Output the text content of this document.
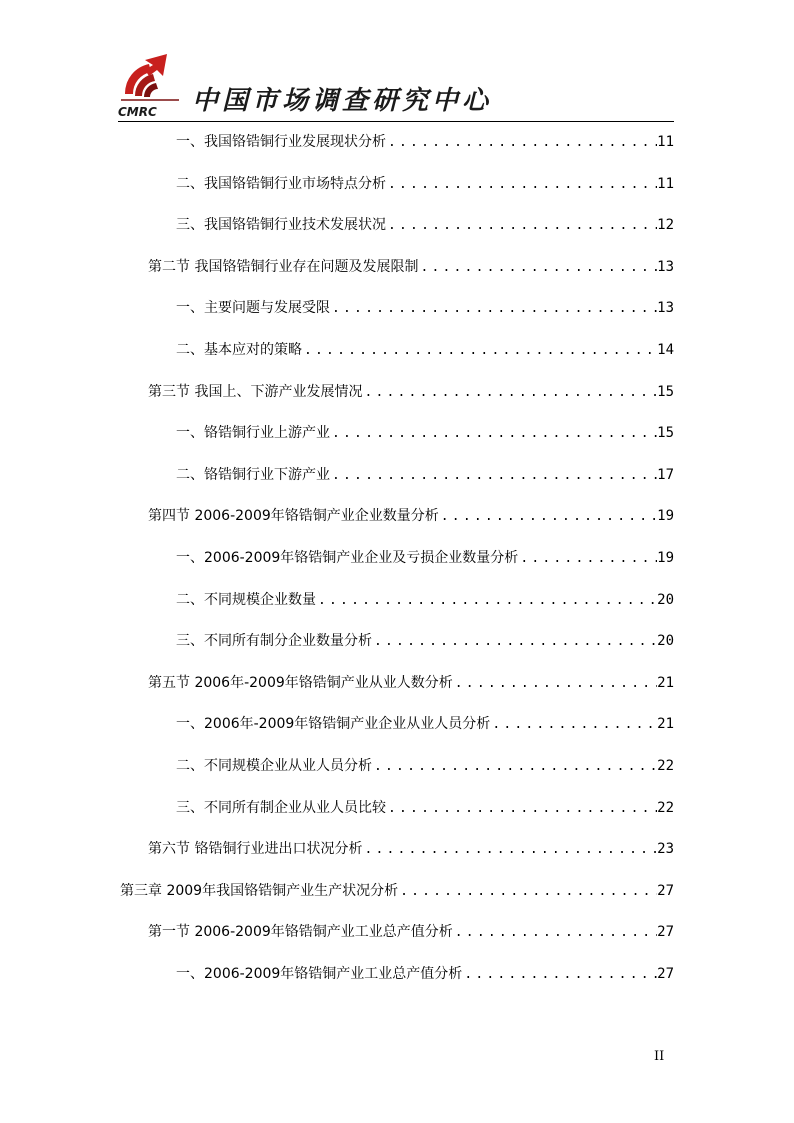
CMRC 中国市场调查研究中心
一、我国铬锆铜行业发展现状分析 .....	11
二、我国铬锆铜行业市场特点分析 .....	11
三、我国铬锆铜行业技术发展状况 .....	12
第二节 我国铬锆铜行业存在问题及发展限制 .....	13
一、主要问题与发展受限 .....	13
二、基本应对的策略 .....	14
第三节 我国上、下游产业发展情况 .....	15
一、铬锆铜行业上游产业 .....	15
二、铬锆铜行业下游产业 .....	17
第四节 2006-2009年铬锆铜产业企业数量分析 .....	19
一、2006-2009年铬锆铜产业企业及亏损企业数量分析 .....	19
二、不同规模企业数量 .....	20
三、不同所有制分企业数量分析 .....	20
第五节 2006年-2009年铬锆铜产业从业人数分析 .....	21
一、2006年-2009年铬锆铜产业企业从业人员分析 .....	21
二、不同规模企业从业人员分析 .....	22
三、不同所有制企业从业人员比较 .....	22
第六节 铬锆铜行业进出口状况分析 .....	23
第三章 2009年我国铬锆铜产业生产状况分析 .....	27
第一节 2006-2009年铬锆铜产业工业总产值分析 .....	27
一、2006-2009年铬锆铜产业工业总产值分析 .....	27
II
